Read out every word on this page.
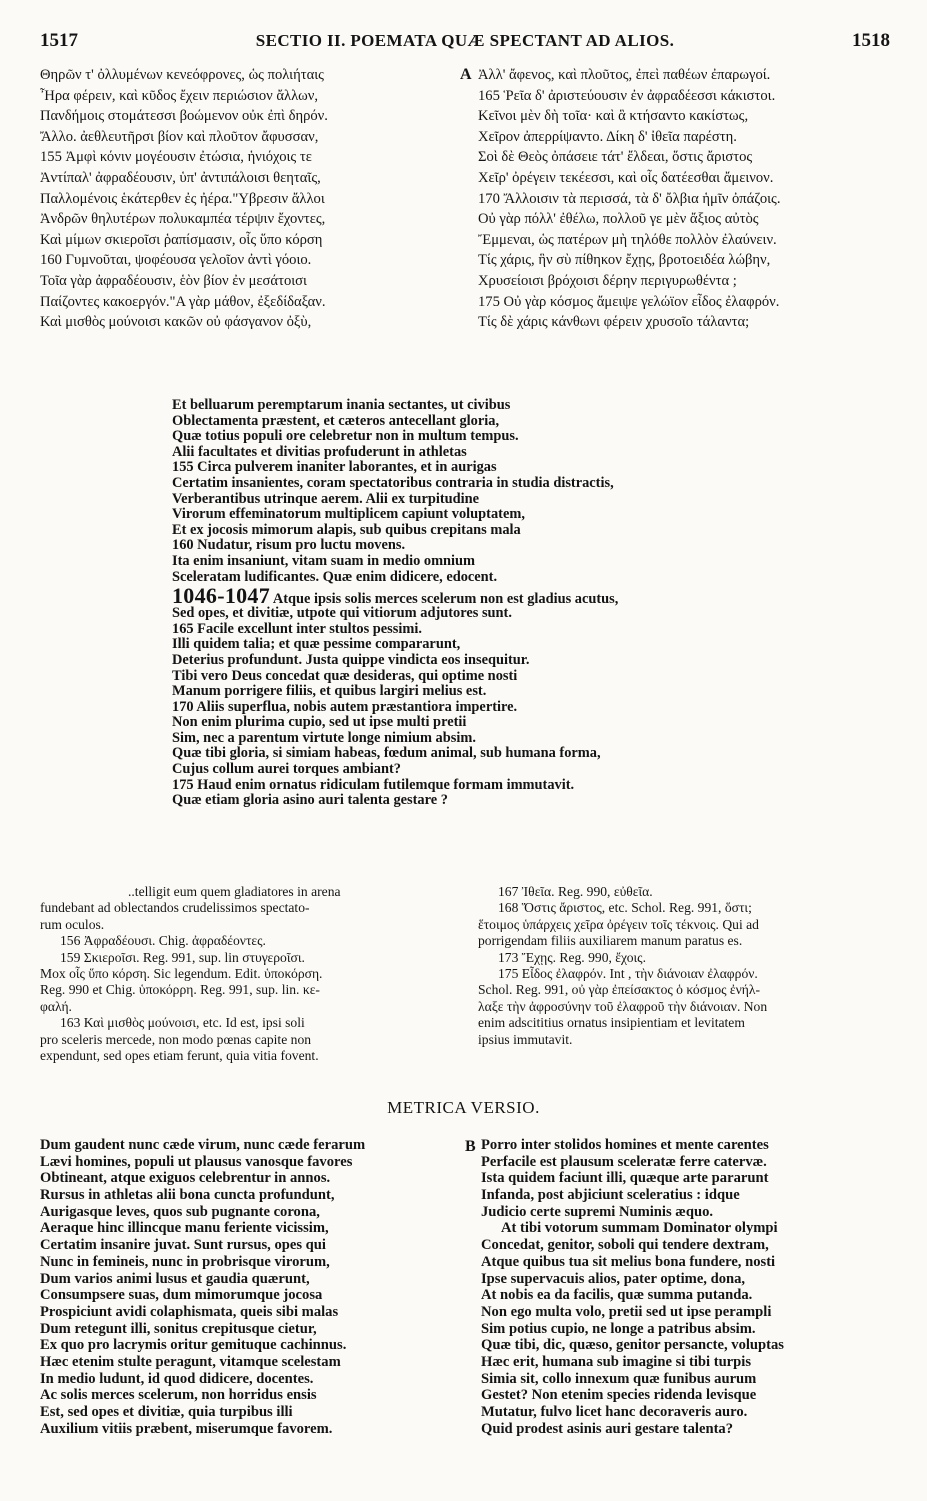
1517	SECTIO II. POEMATA QUÆ SPECTANT AD ALIOS.	1518
Θηρῶν τ' ὀλλυμένων κενεόφρονες, ὡς πολιήταις
Ἦρα φέρειν, καὶ κῦδος ἔχειν περιώσιον ἄλλων,
Πανδήμοις στομάτεσσι βοώμενον οὐκ ἐπὶ δηρόν.
Ἄλλο. ἀεθλευτῆρσι βίον καὶ πλοῦτον ἄφυσσαν,
155 Ἀμφὶ κόνιν μογέουσιν ἐτώσια, ἡνιόχοις τε
Ἀντίπαλ' ἀφραδέουσιν, ὑπ' ἀντιπάλοισι θεηταῖς,
Παλλομένοις ἑκάτερθεν ἐς ἠέρα."Υβρεσιν ἄλλοι
Ἀνδρῶν θηλυτέρων πολυκαμπέα τέρψιν ἔχοντες,
Καὶ μίμων σκιεροῖσι ῥαπίσμασιν, οἷς ὕπο κόρση
160 Γυμνοῦται, ψοφέουσα γελοῖον ἀντὶ γόοιο.
Τοῖα γὰρ ἀφραδέουσιν, ἑὸν βίον ἐν μεσάτοισι
Παίζοντες κακοεργόν."Α γὰρ μάθον, ἐξεδίδαξαν.
Καὶ μισθὸς μούνοισι κακῶν οὐ φάσγανον ὀξὺ,
A Ἀλλ' ἄφενος, καὶ πλοῦτος, ἐπεὶ παθέων ἐπαρωγοί.
165 Ῥεῖα δ' ἀριστεύουσιν ἐν ἀφραδέεσσι κάκιστοι.
Κεῖνοι μὲν δὴ τοῖα· καὶ ἃ κτήσαντο κακίστως,
Χεῖρον ἀπερρίψαντο. Δίκη δ' ἰθεῖα παρέστη.
Σοὶ δὲ Θεὸς ὀπάσειε τάτ' ἔλδεαι, ὅστις ἄριστος
Χεῖρ' ὀρέγειν τεκέεσσι, καὶ οἷς δατέεσθαι ἄμεινον.
170 Ἄλλοισιν τὰ περισσά, τὰ δ' ὄλβια ἡμῖν ὀπάζοις.
Οὐ γὰρ πόλλ' ἐθέλω, πολλοῦ γε μὲν ἄξιος αὐτὸς
Ἔμμεναι, ὡς πατέρων μὴ τηλόθε πολλὸν ἐλαύνειν.
Τίς χάρις, ἣν σὺ πίθηκον ἔχῃς, βροτοειδέα λώβην,
Χρυσείοισι βρόχοισι δέρην περιγυρωθέντα ;
175 Οὐ γὰρ κόσμος ἄμειψε γελώϊον εἶδος ἐλαφρόν.
Τίς δὲ χάρις κάνθωνι φέρειν χρυσοῖο τάλαντα;
Et belluarum peremptarum inania sectantes, ut civibus
Oblectamenta præstent, et cæteros antecellant gloria,
Quæ totius populi ore celebretur non in multum tempus.
Alii facultates et divitias profuderunt in athletas
155 Circa pulverem inaniter laborantes, et in aurigas
Certatim insanientes, coram spectatoribus contraria in studia distractis,
Verberantibus utrinque aerem. Alii ex turpitudine
Virorum effeminatorum multiplicem capiunt voluptatem,
Et ex jocosis mimorum alapis, sub quibus crepitans mala
160 Nudatur, risum pro luctu movens.
Ita enim insaniunt, vitam suam in medio omnium
Sceleratam ludificantes. Quæ enim didicere, edocent.
1046-1047 Atque ipsis solis merces scelerum non est gladius acutus,
Sed opes, et divitiæ, utpote qui vitiorum adjutores sunt.
165 Facile excellunt inter stultos pessimi.
Illi quidem talia; et quæ pessime compararunt,
Deterius profundunt. Justa quippe vindicta eos insequitur.
Tibi vero Deus concedat quæ desideras, qui optime nosti
Manum porrigere filiis, et quibus largiri melius est.
170 Aliis superflua, nobis autem præstantiora impertire.
Non enim plurima cupio, sed ut ipse multi pretii
Sim, nec a parentum virtute longe nimium absim.
Quæ tibi gloria, si simiam habeas, fœdum animal, sub humana forma,
Cujus collum aurei torques ambiant?
175 Haud enim ornatus ridiculam futilemque formam immutavit.
Quæ etiam gloria asino auri talenta gestare ?
..telligit eum quem gladiatores in arena
fundebant ad oblectandos crudelissimos spectato-
rum oculos.
156 Ἀφραδέουσι. Chig. ἀφραδέοντες.
159 Σκιεροῖσι. Reg. 991, sup. lin στυγεροῖσι.
Mox οἷς ὕπο κόρση. Sic legendum. Edit. ὑποκόρση.
Reg. 990 et Chig. ὑποκόρρη. Reg. 991, sup. lin. κε-
φαλή.
163 Καὶ μισθὸς μούνοισι, etc. Id est, ipsi soli
pro sceleris mercede, non modo pœnas capite non
expendunt, sed opes etiam ferunt, quia vitia fovent.
167 Ἰθεῖα. Reg. 990, εὐθεῖα.
168 Ὅστις ἄριστος, etc. Schol. Reg. 991, ὅστι;
ἕτοιμος ὑπάρχεις χεῖρα ὀρέγειν τοῖς τέκνοις. Qui ad
porrigendam filiis auxiliarem manum paratus es.
173 Ἔχῃς. Reg. 990, ἔχοις.
175 Εἶδος ἐλαφρόν. Int , τὴν διάνοιαν ἐλαφρόν.
Schol. Reg. 991, οὐ γὰρ ἐπείσακτος ὁ κόσμος ἐνήλ-
λαξε τὴν ἀφροσύνην τοῦ ἐλαφροῦ τὴν διάνοιαν. Non
enim adscititius ornatus insipientiam et levitatem
ipsius immutavit.
METRICA VERSIO.
Dum gaudent nunc cæde virum, nunc cæde ferarum
Lævi homines, populi ut plausus vanosque favores
Obtineant, atque exiguos celebrentur in annos.
Rursus in athletas alii bona cuncta profundunt,
Aurigasque leves, quos sub pugnante corona,
Aeraque hinc illincque manu feriente vicissim,
Certatim insanire juvat. Sunt rursus, opes qui
Nunc in femineis, nunc in probrisque virorum,
Dum varios animi lusus et gaudia quærunt,
Consumpsere suas, dum mimorumque jocosa
Prospiciunt avidi colaphismata, queis sibi malas
Dum retegunt illi, sonitus crepitusque cietur,
Ex quo pro lacrymis oritur gemituque cachinnus.
Hæc etenim stulte peragunt, vitamque scelestam
In medio ludunt, id quod didicere, docentes.
Ac solis merces scelerum, non horridus ensis
Est, sed opes et divitiæ, quia turpibus illi
Auxilium vitiis præbent, miserumque favorem.
B Porro inter stolidos homines et mente carentes
Perfacile est plausum sceleratæ ferre catervæ.
Ista quidem faciunt illi, quæque arte pararunt
Infanda, post abjiciunt sceleratius : idque
Judicio certe supremi Numinis æquo.
At tibi votorum summam Dominator olympi
Concedat, genitor, soboli qui tendere dextram,
Atque quibus tua sit melius bona fundere, nosti
Ipse supervacuis alios, pater optime, dona,
At nobis ea da facilis, quæ summa putanda.
Non ego multa volo, pretii sed ut ipse perampli
Sim potius cupio, ne longe a patribus absim.
Quæ tibi, dic, quæso, genitor persancte, voluptas
Hæc erit, humana sub imagine si tibi turpis
Simia sit, collo innexum quæ funibus aurum
Gestet? Non etenim species ridenda levisque
Mutatur, fulvo licet hanc decoraveris auro.
Quid prodest asinis auri gestare talenta?
